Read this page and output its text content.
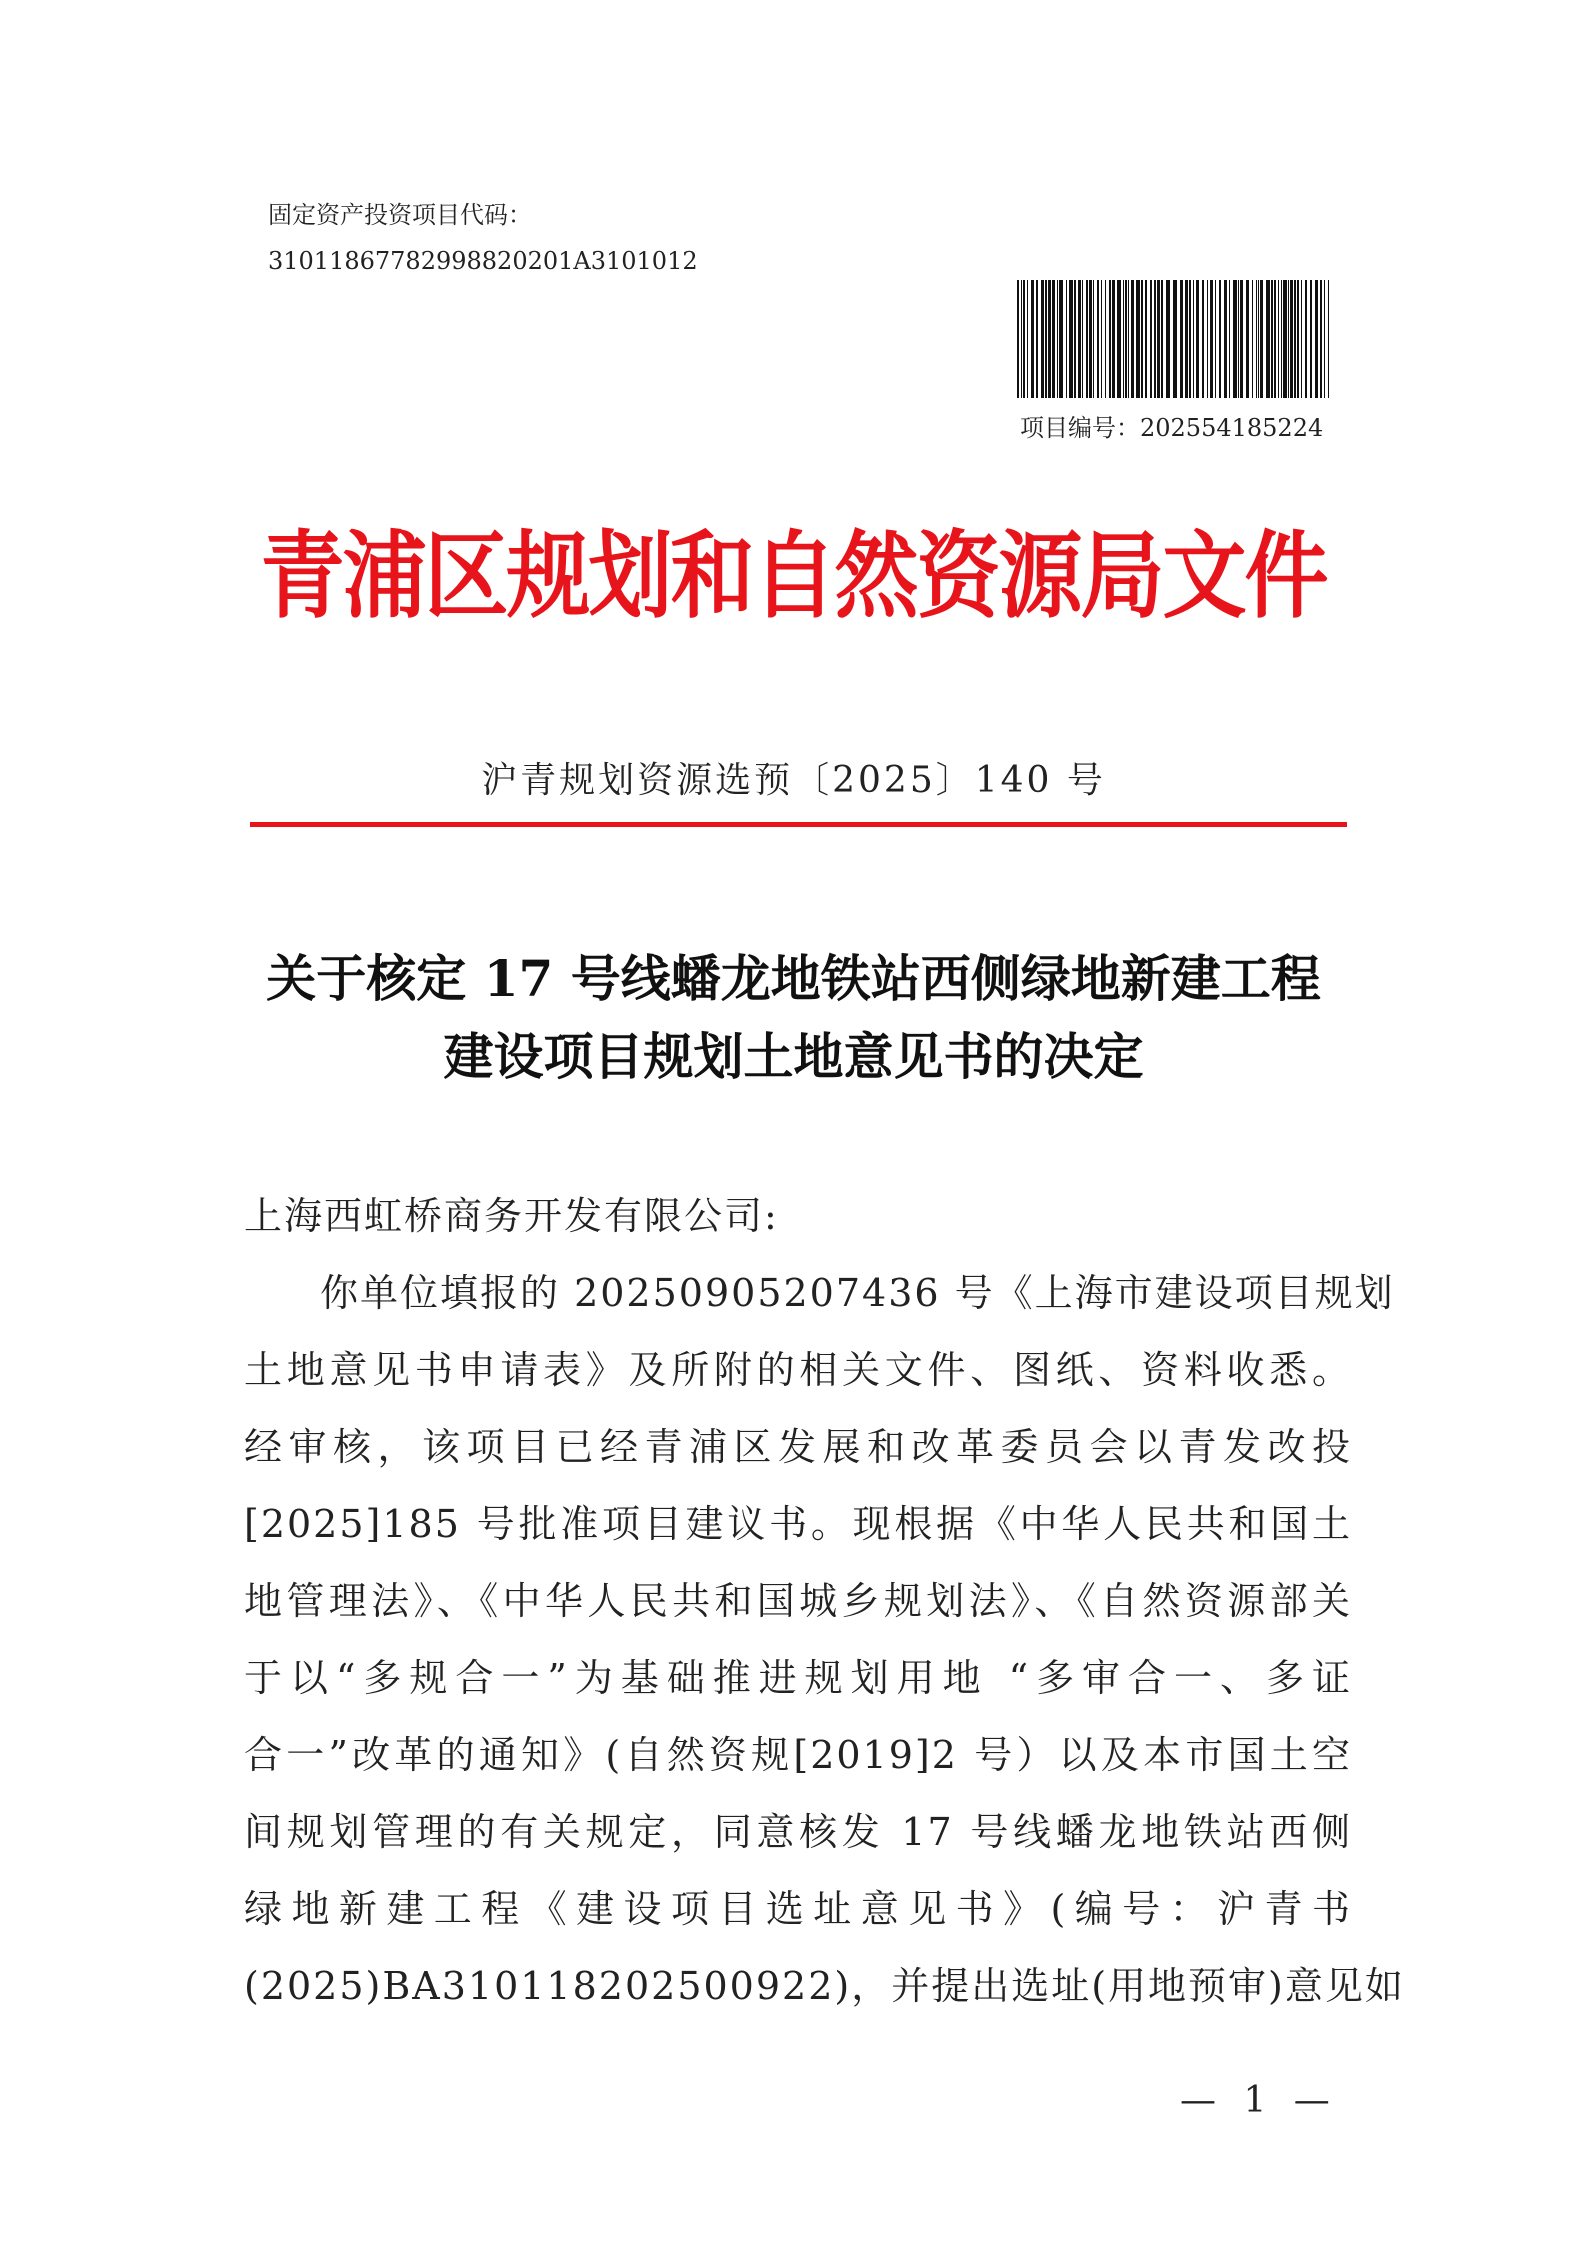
固定资产投资项目代码：
31011867782998820201A3101012
项目编号：202554185224
青浦区规划和自然资源局文件
沪青规划资源选预〔2025〕140 号
关于核定 17 号线蟠龙地铁站西侧绿地新建工程
建设项目规划土地意见书的决定

上海西虹桥商务开发有限公司:

你单位填报的 20250905207436 号《上海市建设项目规划

土地意见书申请表》及所附的相关文件、图纸、资料收悉。

经审核，该项目已经青浦区发展和改革委员会以青发改投

[2025]185 号批准项目建议书。现根据《中华人民共和国土

地管理法》、《中华人民共和国城乡规划法》、《自然资源部关

于以“多规合一”为基础推进规划用地 “多审合一、多证

合一”改革的通知》(自然资规[2019]2 号）以及本市国土空

间规划管理的有关规定，同意核发 17 号线蟠龙地铁站西侧

绿地新建工程《建设项目选址意见书》(编号：沪青书

(2025)BA310118202500922)，并提出选址(用地预审)意见如

— 1 —
